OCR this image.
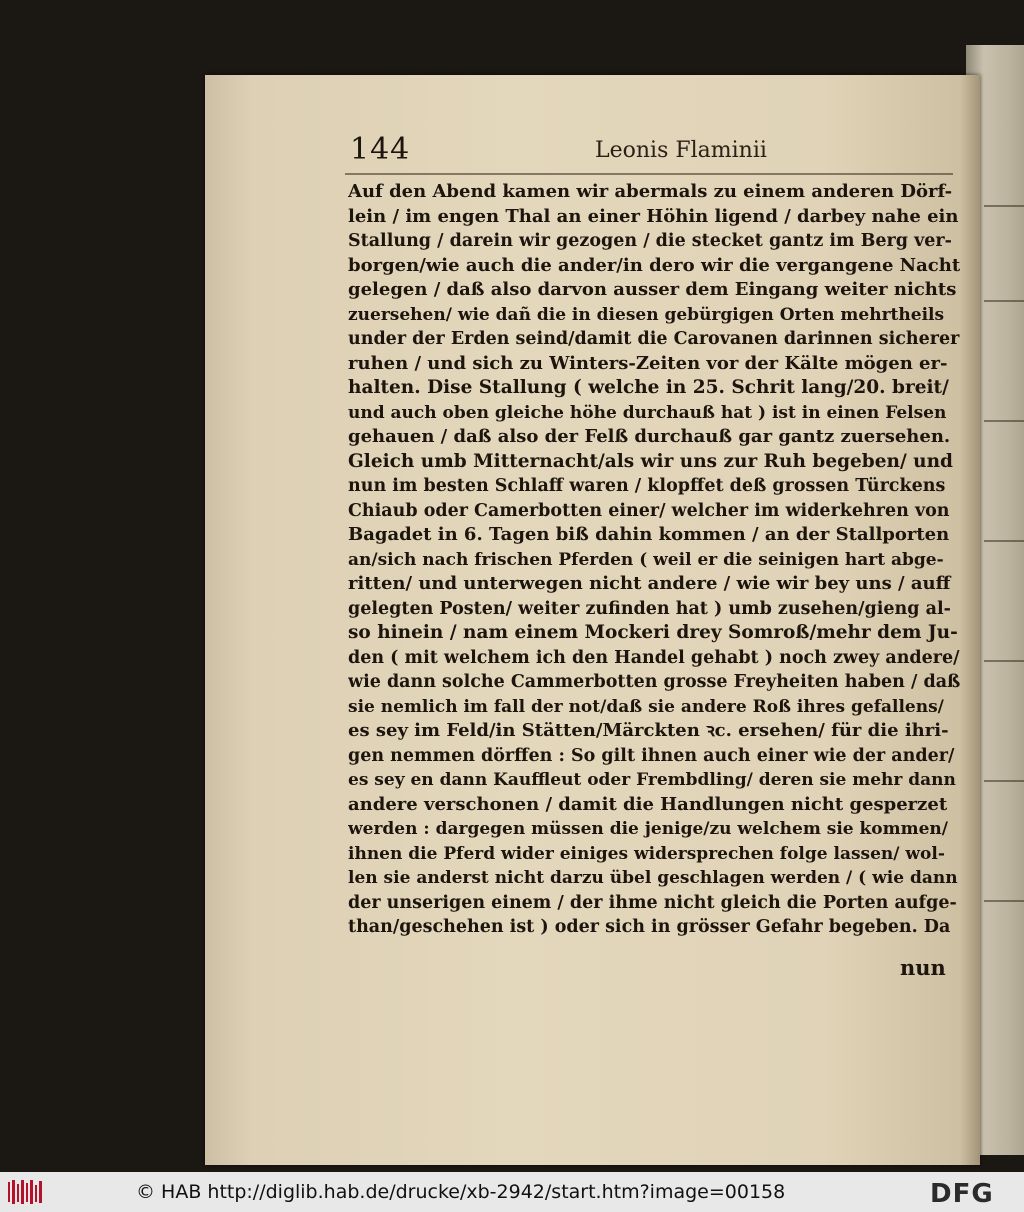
144	Leonis Flaminii
Auf den Abend kamen wir abermals zu einem anderen Dörf-
lein / im engen Thal an einer Höhin ligend / darbey nahe ein
Stallung / darein wir gezogen / die stecket gantz im Berg ver-
borgen/wie auch die ander/in dero wir die vergangene Nacht
gelegen / daß also darvon ausser dem Eingang weiter nichts
zuersehen/ wie dañ die in diesen gebürgigen Orten mehrtheils
under der Erden seind/damit die Carovanen darinnen sicherer
ruhen / und sich zu Winters-Zeiten vor der Kälte mögen er-
halten. Dise Stallung ( welche in 25. Schrit lang/20. breit/
und auch oben gleiche höhe durchauß hat ) ist in einen Felsen
gehauen / daß also der Felß durchauß gar gantz zuersehen.
Gleich umb Mitternacht/als wir uns zur Ruh begeben/ und
nun im besten Schlaff waren / klopffet deß grossen Türckens
Chiaub oder Camerbotten einer/ welcher im widerkehren von
Bagadet in 6. Tagen biß dahin kommen / an der Stallporten
an/sich nach frischen Pferden ( weil er die seinigen hart abge-
ritten/ und unterwegen nicht andere / wie wir bey uns / auff
gelegten Posten/ weiter zufinden hat ) umb zusehen/gieng al-
so hinein / nam einem Mockeri drey Somroß/mehr dem Ju-
den ( mit welchem ich den Handel gehabt ) noch zwey andere/
wie dann solche Cammerbotten grosse Freyheiten haben / daß
sie nemlich im fall der not/daß sie andere Roß ihres gefallens/
es sey im Feld/in Stätten/Märckten ꝛc. ersehen/ für die ihri-
gen nemmen dörffen : So gilt ihnen auch einer wie der ander/
es sey en dann Kauffleut oder Frembdling/ deren sie mehr dann
andere verschonen / damit die Handlungen nicht gesperzet
werden : dargegen müssen die jenige/zu welchem sie kommen/
ihnen die Pferd wider einiges widersprechen folge lassen/ wol-
len sie anderst nicht darzu übel geschlagen werden / ( wie dann
der unserigen einem / der ihme nicht gleich die Porten aufge-
than/geschehen ist ) oder sich in grösser Gefahr begeben. Da
nun
© HAB http://diglib.hab.de/drucke/xb-2942/start.htm?image=00158	DFG
